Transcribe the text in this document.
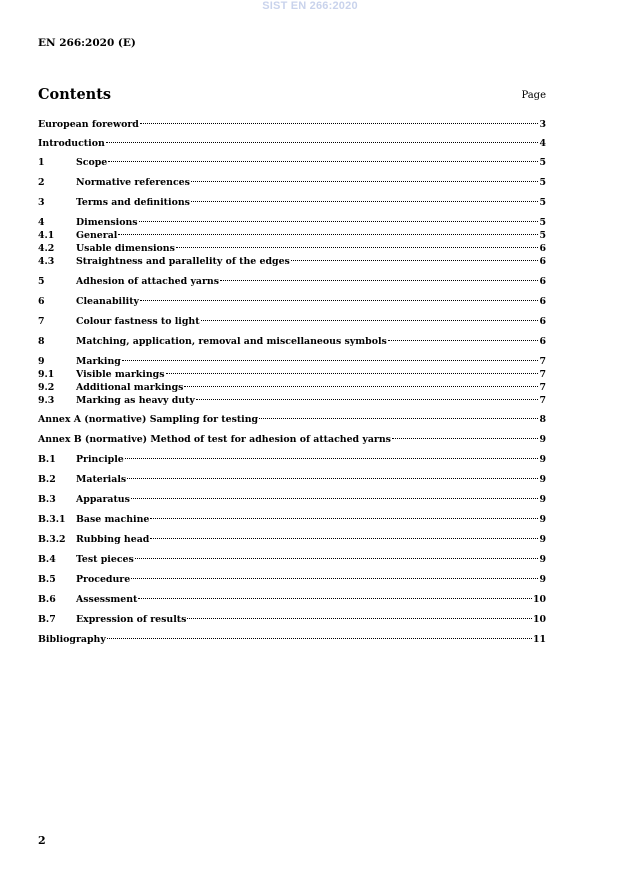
SIST EN 266:2020
EN 266:2020 (E)
Contents	Page
European foreword	3
Introduction	4
1	Scope	5
2	Normative references	5
3	Terms and definitions	5
4	Dimensions	5
4.1	General	5
4.2	Usable dimensions	6
4.3	Straightness and parallelity of the edges	6
5	Adhesion of attached yarns	6
6	Cleanability	6
7	Colour fastness to light	6
8	Matching, application, removal and miscellaneous symbols	6
9	Marking	7
9.1	Visible markings	7
9.2	Additional markings	7
9.3	Marking as heavy duty	7
Annex A (normative) Sampling for testing	8
Annex B (normative) Method of test for adhesion of attached yarns	9
B.1	Principle	9
B.2	Materials	9
B.3	Apparatus	9
B.3.1	Base machine	9
B.3.2	Rubbing head	9
B.4	Test pieces	9
B.5	Procedure	9
B.6	Assessment	10
B.7	Expression of results	10
Bibliography	11
2
